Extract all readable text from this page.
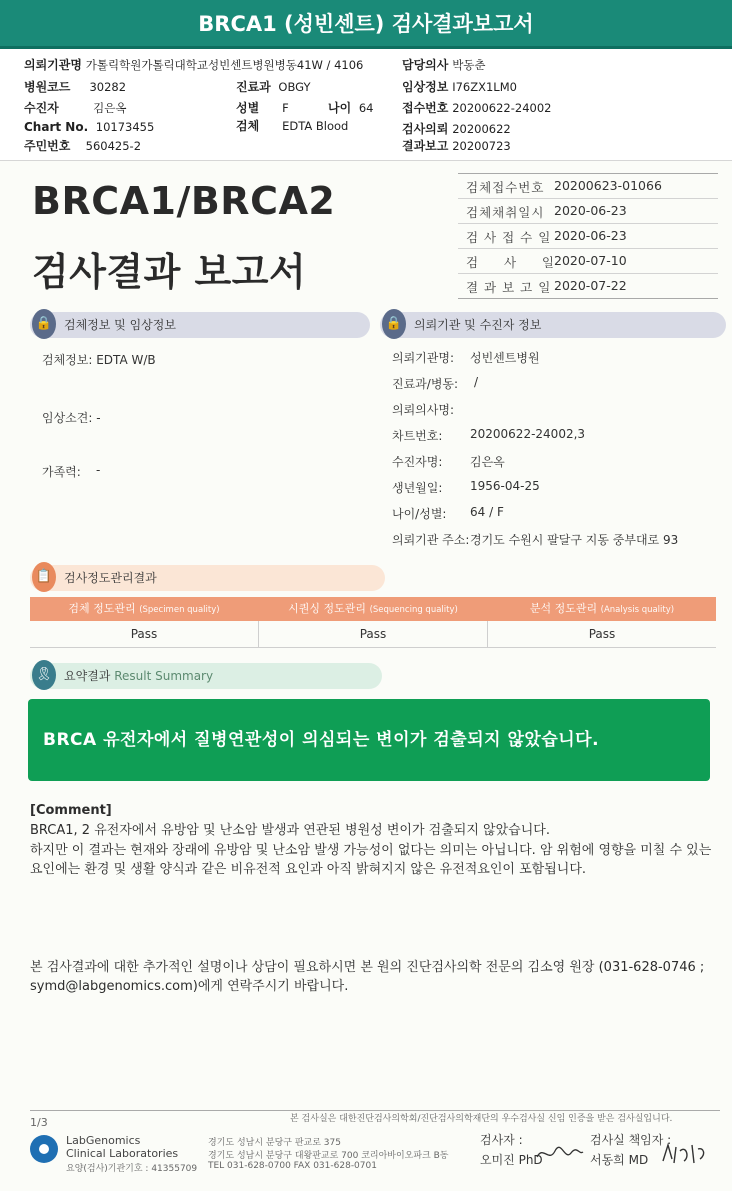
BRCA1 (성빈센트) 검사결과보고서
의뢰기관명 가톨릭학원가톨릭대학교성빈센트병원병동41W / 4106
병원코드 30282
수진자	김은옥
Chart No. 10173455
주민번호 560425-2
진료과 OBGY
성별 F	나이 64
검체 EDTA Blood
담당의사 박동춘
임상정보 I76ZX1LM0
접수번호 20200622-24002
검사의뢰 20200622
결과보고 20200723
BRCA1/BRCA2
검사결과 보고서
검체접수번호 20200623-01066
검체채취일시 2020-06-23
검 사 접 수 일 2020-06-23
검     사     일 2020-07-10
결 과 보 고 일 2020-07-22
🔒 검체정보 및 임상정보	🔒 의뢰기관 및 수진자 정보
검체정보: EDTA W/B
임상소견: -
가족력: -
의뢰기관명: 성빈센트병원
진료과/병동: /
의뢰의사명:
차트번호: 20200622-24002,3
수진자명: 김은옥
생년월일: 1956-04-25
나이/성별: 64 / F
의뢰기관 주소: 경기도 수원시 팔달구 지동 중부대로 93
📋 검사정도관리결과
검체 정도관리 (Specimen quality)	시퀀싱 정도관리 (Sequencing quality)	분석 정도관리 (Analysis quality)
Pass	Pass	Pass
🎗 요약결과 Result Summary
BRCA 유전자에서 질병연관성이 의심되는 변이가 검출되지 않았습니다.
[Comment]
BRCA1, 2 유전자에서 유방암 및 난소암 발생과 연관된 병원성 변이가 검출되지 않았습니다.
하지만 이 결과는 현재와 장래에 유방암 및 난소암 발생 가능성이 없다는 의미는 아닙니다. 암 위험에 영향을 미칠 수 있는 요인에는 환경 및 생활 양식과 같은 비유전적 요인과 아직 밝혀지지 않은 유전적요인이 포함됩니다.
본 검사결과에 대한 추가적인 설명이나 상담이 필요하시면 본 원의 진단검사의학 전문의 김소영 원장 (031-628-0746 ; symd@labgenomics.com)에게 연락주시기 바랍니다.
1/3	본 검사실은 대한진단검사의학회/진단검사의학재단의 우수검사실 신임 인증을 받은 검사실입니다.
LabGenomics
Clinical Laboratories
요양(검사)기관기호 : 41355709
경기도 성남시 분당구 판교로 375
경기도 성남시 분당구 대왕판교로 700 코리아바이오파크 B동
TEL 031-628-0700 FAX 031-628-0701
검사자 :
오미진 PhD
검사실 책임자 :
서동희 MD
